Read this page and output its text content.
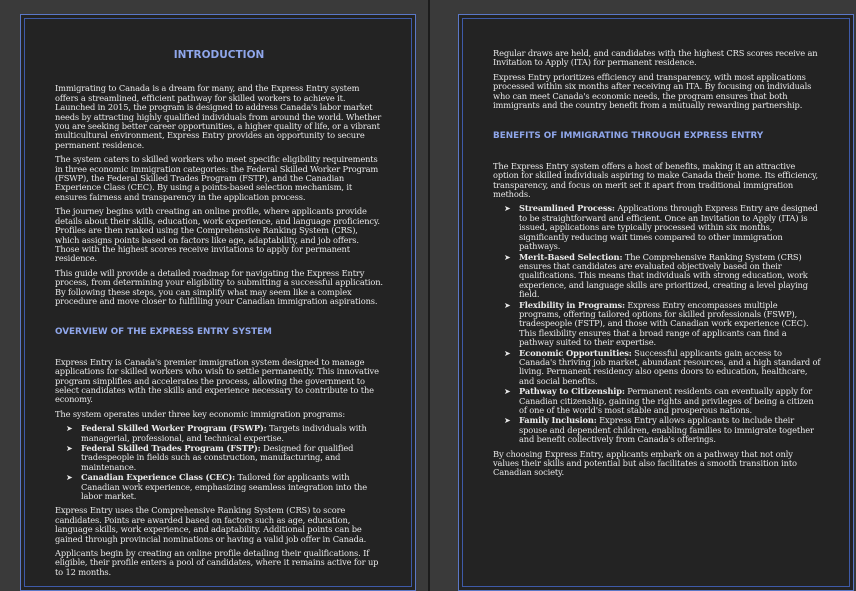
INTRODUCTION

Immigrating to Canada is a dream for many, and the Express Entry system offers a streamlined, efficient pathway for skilled workers to achieve it. Launched in 2015, the program is designed to address Canada's labor market needs by attracting highly qualified individuals from around the world. Whether you are seeking better career opportunities, a higher quality of life, or a vibrant multicultural environment, Express Entry provides an opportunity to secure permanent residence.

The system caters to skilled workers who meet specific eligibility requirements in three economic immigration categories: the Federal Skilled Worker Program (FSWP), the Federal Skilled Trades Program (FSTP), and the Canadian Experience Class (CEC). By using a points-based selection mechanism, it ensures fairness and transparency in the application process.

The journey begins with creating an online profile, where applicants provide details about their skills, education, work experience, and language proficiency. Profiles are then ranked using the Comprehensive Ranking System (CRS), which assigns points based on factors like age, adaptability, and job offers. Those with the highest scores receive invitations to apply for permanent residence.

This guide will provide a detailed roadmap for navigating the Express Entry process, from determining your eligibility to submitting a successful application. By following these steps, you can simplify what may seem like a complex procedure and move closer to fulfilling your Canadian immigration aspirations.

OVERVIEW OF THE EXPRESS ENTRY SYSTEM

Express Entry is Canada's premier immigration system designed to manage applications for skilled workers who wish to settle permanently. This innovative program simplifies and accelerates the process, allowing the government to select candidates with the skills and experience necessary to contribute to the economy.

The system operates under three key economic immigration programs:

➤ Federal Skilled Worker Program (FSWP): Targets individuals with managerial, professional, and technical expertise.
➤ Federal Skilled Trades Program (FSTP): Designed for qualified tradespeople in fields such as construction, manufacturing, and maintenance.
➤ Canadian Experience Class (CEC): Tailored for applicants with Canadian work experience, emphasizing seamless integration into the labor market.

Express Entry uses the Comprehensive Ranking System (CRS) to score candidates. Points are awarded based on factors such as age, education, language skills, work experience, and adaptability. Additional points can be gained through provincial nominations or having a valid job offer in Canada.

Applicants begin by creating an online profile detailing their qualifications. If eligible, their profile enters a pool of candidates, where it remains active for up to 12 months.

Regular draws are held, and candidates with the highest CRS scores receive an Invitation to Apply (ITA) for permanent residence.

Express Entry prioritizes efficiency and transparency, with most applications processed within six months after receiving an ITA. By focusing on individuals who can meet Canada's economic needs, the program ensures that both immigrants and the country benefit from a mutually rewarding partnership.

BENEFITS OF IMMIGRATING THROUGH EXPRESS ENTRY

The Express Entry system offers a host of benefits, making it an attractive option for skilled individuals aspiring to make Canada their home. Its efficiency, transparency, and focus on merit set it apart from traditional immigration methods.

➤ Streamlined Process: Applications through Express Entry are designed to be straightforward and efficient. Once an Invitation to Apply (ITA) is issued, applications are typically processed within six months, significantly reducing wait times compared to other immigration pathways.
➤ Merit-Based Selection: The Comprehensive Ranking System (CRS) ensures that candidates are evaluated objectively based on their qualifications. This means that individuals with strong education, work experience, and language skills are prioritized, creating a level playing field.
➤ Flexibility in Programs: Express Entry encompasses multiple programs, offering tailored options for skilled professionals (FSWP), tradespeople (FSTP), and those with Canadian work experience (CEC). This flexibility ensures that a broad range of applicants can find a pathway suited to their expertise.
➤ Economic Opportunities: Successful applicants gain access to Canada's thriving job market, abundant resources, and a high standard of living. Permanent residency also opens doors to education, healthcare, and social benefits.
➤ Pathway to Citizenship: Permanent residents can eventually apply for Canadian citizenship, gaining the rights and privileges of being a citizen of one of the world's most stable and prosperous nations.
➤ Family Inclusion: Express Entry allows applicants to include their spouse and dependent children, enabling families to immigrate together and benefit collectively from Canada's offerings.

By choosing Express Entry, applicants embark on a pathway that not only values their skills and potential but also facilitates a smooth transition into Canadian society.
